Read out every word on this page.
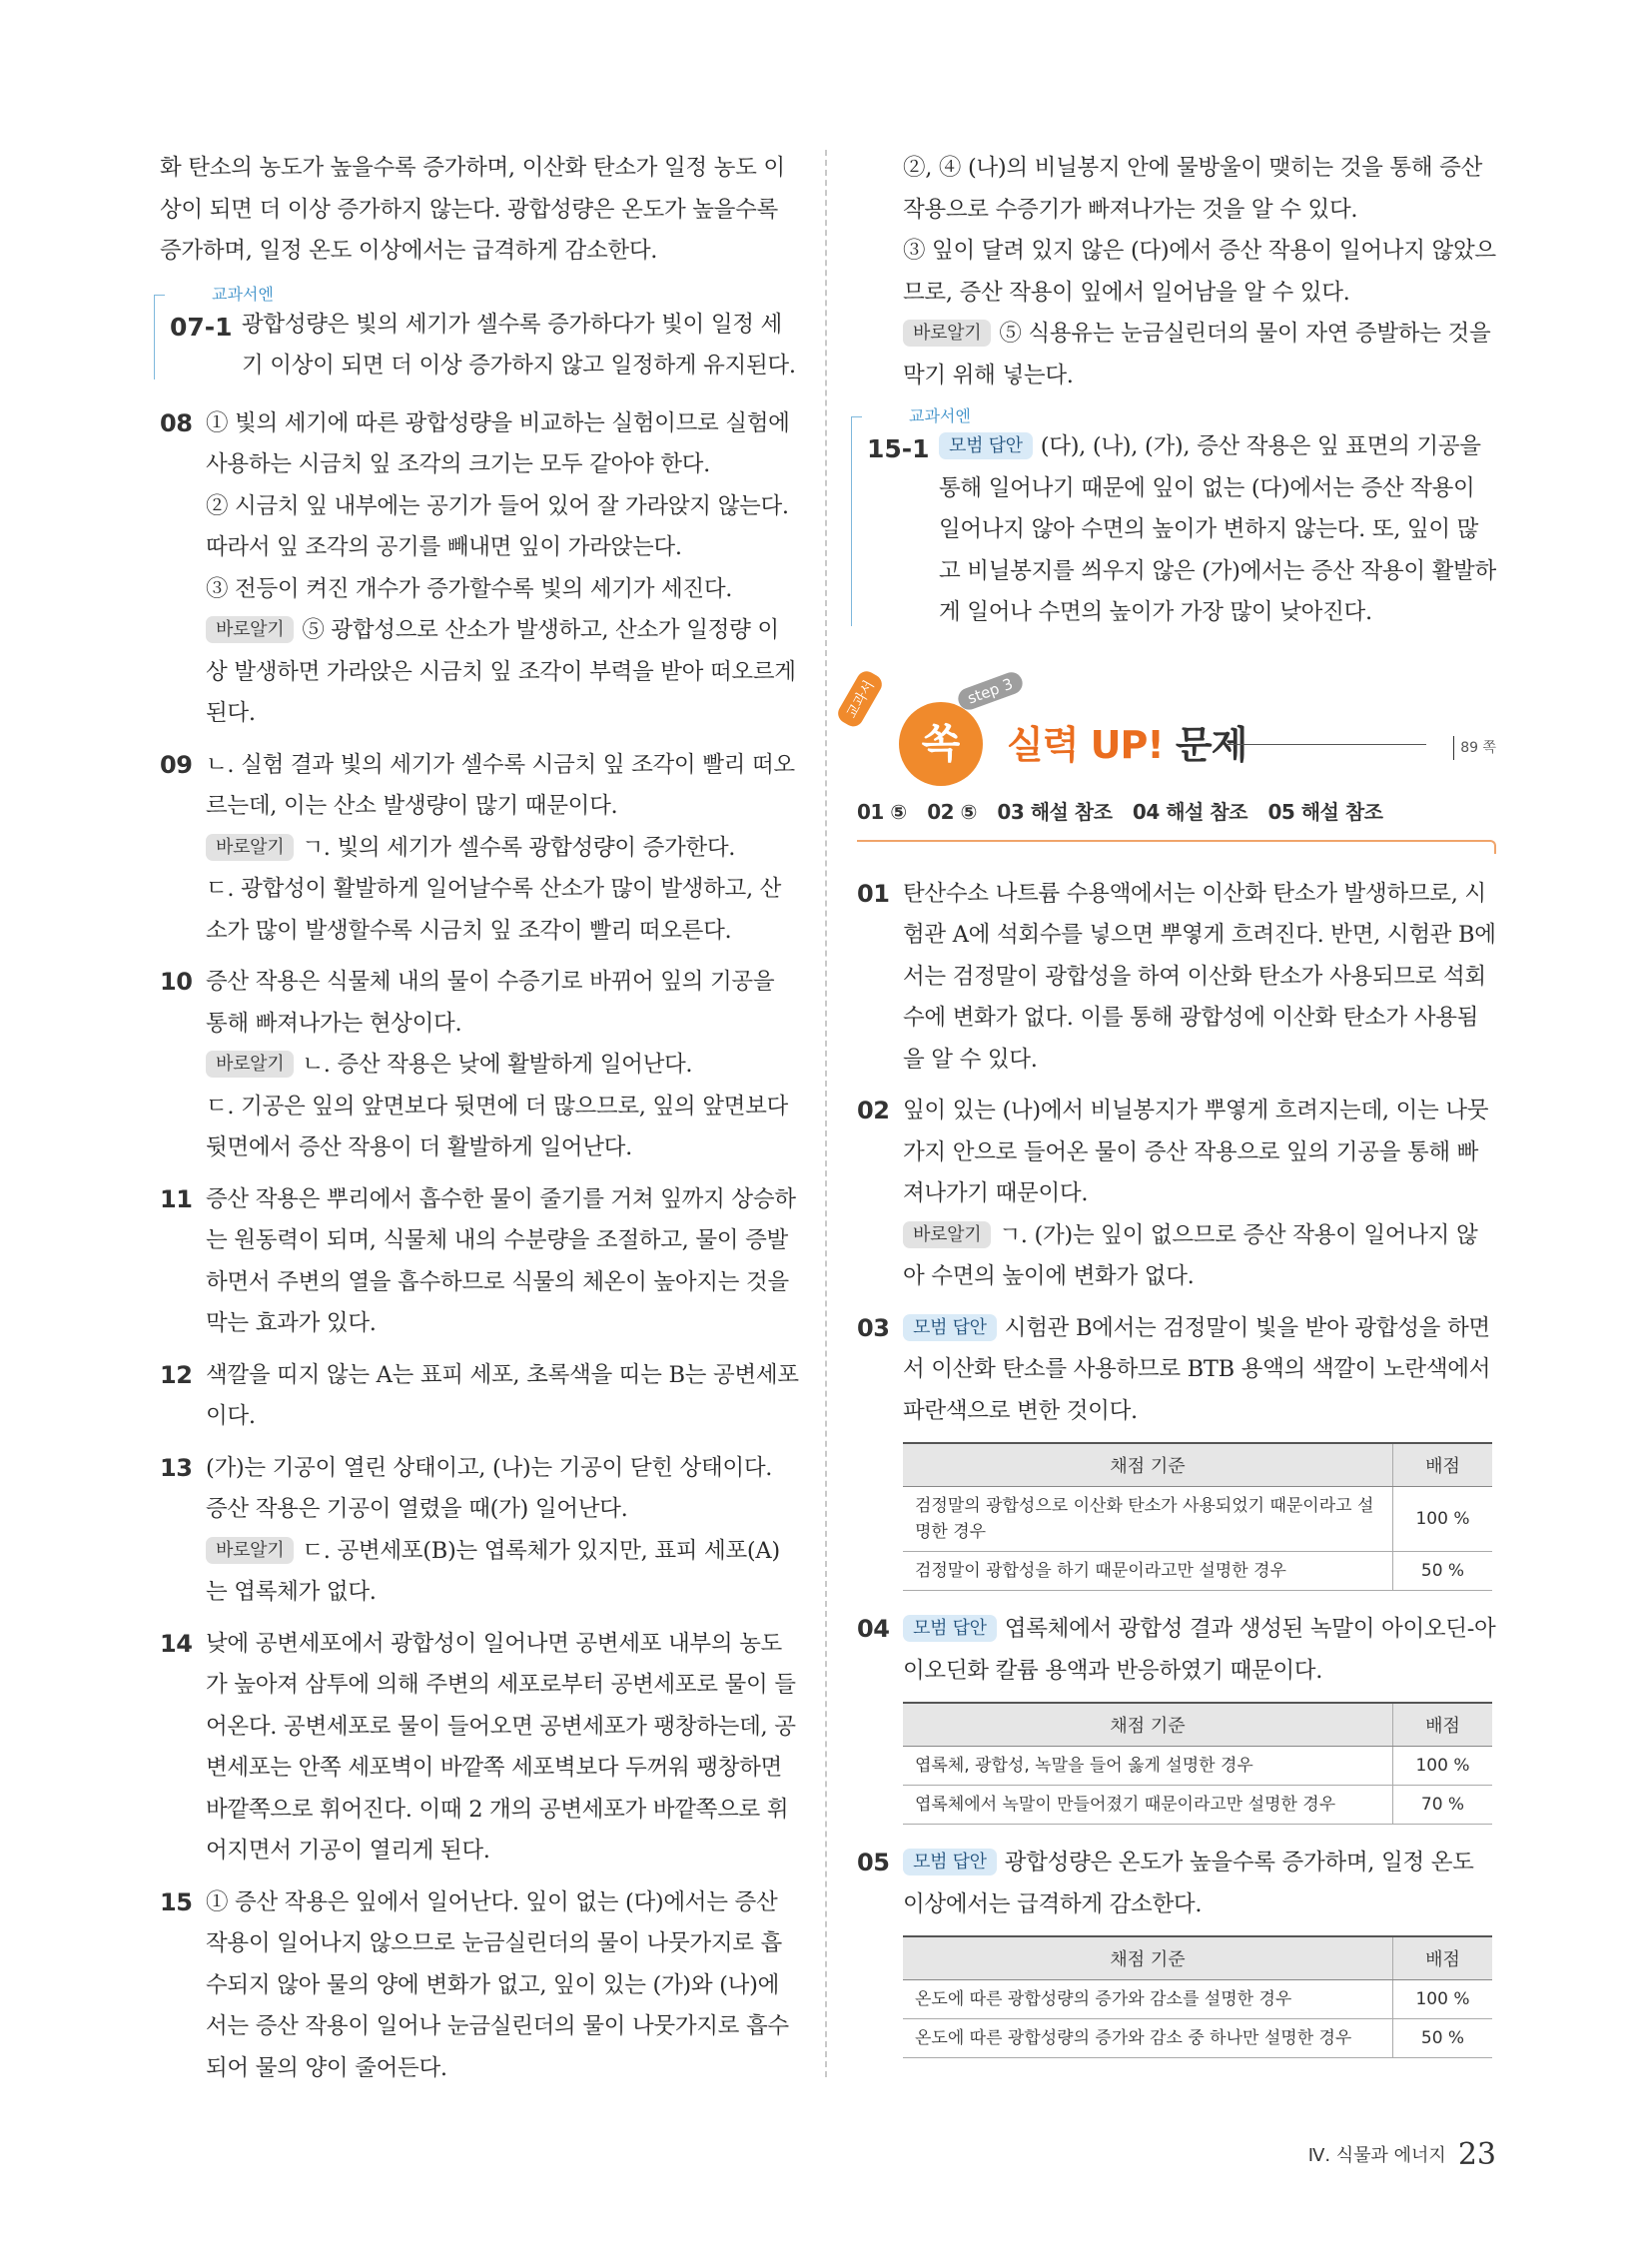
화 탄소의 농도가 높을수록 증가하며, 이산화 탄소가 일정 농도 이상이 되면 더 이상 증가하지 않는다. 광합성량은 온도가 높을수록 증가하며, 일정 온도 이상에서는 급격하게 감소한다.

교과서엔
07-1 광합성량은 빛의 세기가 셀수록 증가하다가 빛이 일정 세기 이상이 되면 더 이상 증가하지 않고 일정하게 유지된다.

08 ① 빛의 세기에 따른 광합성량을 비교하는 실험이므로 실험에 사용하는 시금치 잎 조각의 크기는 모두 같아야 한다.

② 시금치 잎 내부에는 공기가 들어 있어 잘 가라앉지 않는다. 따라서 잎 조각의 공기를 빼내면 잎이 가라앉는다.

③ 전등이 켜진 개수가 증가할수록 빛의 세기가 세진다.

바로알기 ⑤ 광합성으로 산소가 발생하고, 산소가 일정량 이상 발생하면 가라앉은 시금치 잎 조각이 부력을 받아 떠오르게 된다.

09 ㄴ. 실험 결과 빛의 세기가 셀수록 시금치 잎 조각이 빨리 떠오르는데, 이는 산소 발생량이 많기 때문이다.

바로알기 ㄱ. 빛의 세기가 셀수록 광합성량이 증가한다.

ㄷ. 광합성이 활발하게 일어날수록 산소가 많이 발생하고, 산소가 많이 발생할수록 시금치 잎 조각이 빨리 떠오른다.

10 증산 작용은 식물체 내의 물이 수증기로 바뀌어 잎의 기공을 통해 빠져나가는 현상이다.

바로알기 ㄴ. 증산 작용은 낮에 활발하게 일어난다.

ㄷ. 기공은 잎의 앞면보다 뒷면에 더 많으므로, 잎의 앞면보다 뒷면에서 증산 작용이 더 활발하게 일어난다.

11 증산 작용은 뿌리에서 흡수한 물이 줄기를 거쳐 잎까지 상승하는 원동력이 되며, 식물체 내의 수분량을 조절하고, 물이 증발하면서 주변의 열을 흡수하므로 식물의 체온이 높아지는 것을 막는 효과가 있다.

12 색깔을 띠지 않는 A는 표피 세포, 초록색을 띠는 B는 공변세포이다.

13 (가)는 기공이 열린 상태이고, (나)는 기공이 닫힌 상태이다. 증산 작용은 기공이 열렸을 때(가) 일어난다.

바로알기 ㄷ. 공변세포(B)는 엽록체가 있지만, 표피 세포(A)는 엽록체가 없다.

14 낮에 공변세포에서 광합성이 일어나면 공변세포 내부의 농도가 높아져 삼투에 의해 주변의 세포로부터 공변세포로 물이 들어온다. 공변세포로 물이 들어오면 공변세포가 팽창하는데, 공변세포는 안쪽 세포벽이 바깥쪽 세포벽보다 두꺼워 팽창하면 바깥쪽으로 휘어진다. 이때 2 개의 공변세포가 바깥쪽으로 휘어지면서 기공이 열리게 된다.

15 ① 증산 작용은 잎에서 일어난다. 잎이 없는 (다)에서는 증산 작용이 일어나지 않으므로 눈금실린더의 물이 나뭇가지로 흡수되지 않아 물의 양에 변화가 없고, 잎이 있는 (가)와 (나)에서는 증산 작용이 일어나 눈금실린더의 물이 나뭇가지로 흡수되어 물의 양이 줄어든다.

②, ④ (나)의 비닐봉지 안에 물방울이 맺히는 것을 통해 증산 작용으로 수증기가 빠져나가는 것을 알 수 있다.

③ 잎이 달려 있지 않은 (다)에서 증산 작용이 일어나지 않았으므로, 증산 작용이 잎에서 일어남을 알 수 있다.

바로알기 ⑤ 식용유는 눈금실린더의 물이 자연 증발하는 것을 막기 위해 넣는다.

교과서엔
15-1	모범 답안 (다), (나), (가), 증산 작용은 잎 표면의 기공을 통해 일어나기 때문에 잎이 없는 (다)에서는 증산 작용이 일어나지 않아 수면의 높이가 변하지 않는다. 또, 잎이 많고 비닐봉지를 씌우지 않은 (가)에서는 증산 작용이 활발하게 일어나 수면의 높이가 가장 많이 낮아진다.

교과서
쏙
step 3
실력 UP! 문제	89 쪽
01 ⑤ 02 ⑤ 03 해설 참조 04 해설 참조 05 해설 참조
01 탄산수소 나트륨 수용액에서는 이산화 탄소가 발생하므로, 시험관 A에 석회수를 넣으면 뿌옇게 흐려진다. 반면, 시험관 B에서는 검정말이 광합성을 하여 이산화 탄소가 사용되므로 석회수에 변화가 없다. 이를 통해 광합성에 이산화 탄소가 사용됨을 알 수 있다.

02 잎이 있는 (나)에서 비닐봉지가 뿌옇게 흐려지는데, 이는 나뭇가지 안으로 들어온 물이 증산 작용으로 잎의 기공을 통해 빠져나가기 때문이다.

바로알기 ㄱ. (가)는 잎이 없으므로 증산 작용이 일어나지 않아 수면의 높이에 변화가 없다.

03	모범 답안 시험관 B에서는 검정말이 빛을 받아 광합성을 하면서 이산화 탄소를 사용하므로 BTB 용액의 색깔이 노란색에서 파란색으로 변한 것이다.

채점 기준	배점
검정말의 광합성으로 이산화 탄소가 사용되었기 때문이라고 설명한 경우	100 %
검정말이 광합성을 하기 때문이라고만 설명한 경우	50 %
04	모범 답안 엽록체에서 광합성 결과 생성된 녹말이 아이오딘-아이오딘화 칼륨 용액과 반응하였기 때문이다.

채점 기준	배점
엽록체, 광합성, 녹말을 들어 옳게 설명한 경우	100 %
엽록체에서 녹말이 만들어졌기 때문이라고만 설명한 경우	70 %
05	모범 답안 광합성량은 온도가 높을수록 증가하며, 일정 온도 이상에서는 급격하게 감소한다.

채점 기준	배점
온도에 따른 광합성량의 증가와 감소를 설명한 경우	100 %
온도에 따른 광합성량의 증가와 감소 중 하나만 설명한 경우	50 %
Ⅳ. 식물과 에너지 23
